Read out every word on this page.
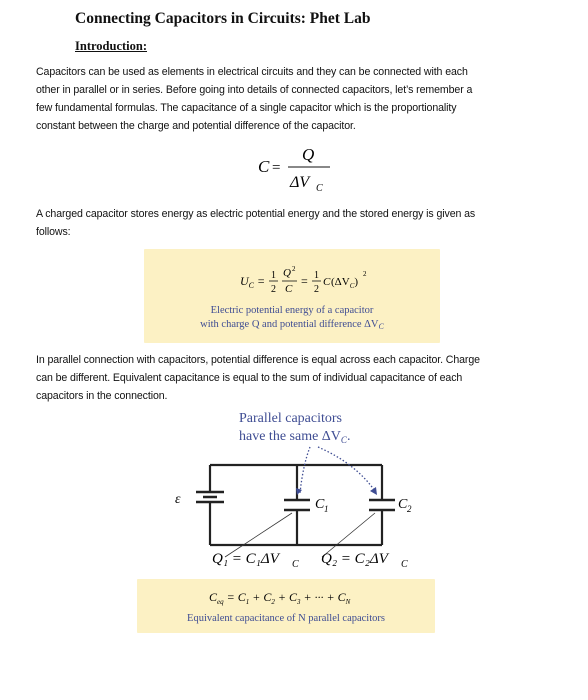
Connecting Capacitors in Circuits: Phet Lab
Introduction:
Capacitors can be used as elements in electrical circuits and they can be connected with each
other in parallel or in series. Before going into details of connected capacitors, let’s remember a
few fundamental formulas. The capacitance of a single capacitor which is the proportionality
constant between the charge and potential difference of the capacitor.
C =
Q
ΔV C
A charged capacitor stores energy as electric potential energy and the stored energy is given as
follows:
$U_C = 1$
2
Q 2
C
= 1
2
C $(\Delta V_C)$
2
Electric potential energy of a capacitor
with charge Q and potential difference ΔVC
In parallel connection with capacitors, potential difference is equal across each capacitor. Charge
can be different. Equivalent capacitance is equal to the sum of individual capacitance of each
capacitors in the connection.
Parallel capacitors
have the same $\Delta V_C$.
ε	C 1	C 2
Q₁ = C₁ΔV C Q₂ = C₂ΔV C
$C_{eq} = C_1 + C_2 + C_3$ + ··· + $C_N$
Equivalent capacitance of N parallel capacitors
